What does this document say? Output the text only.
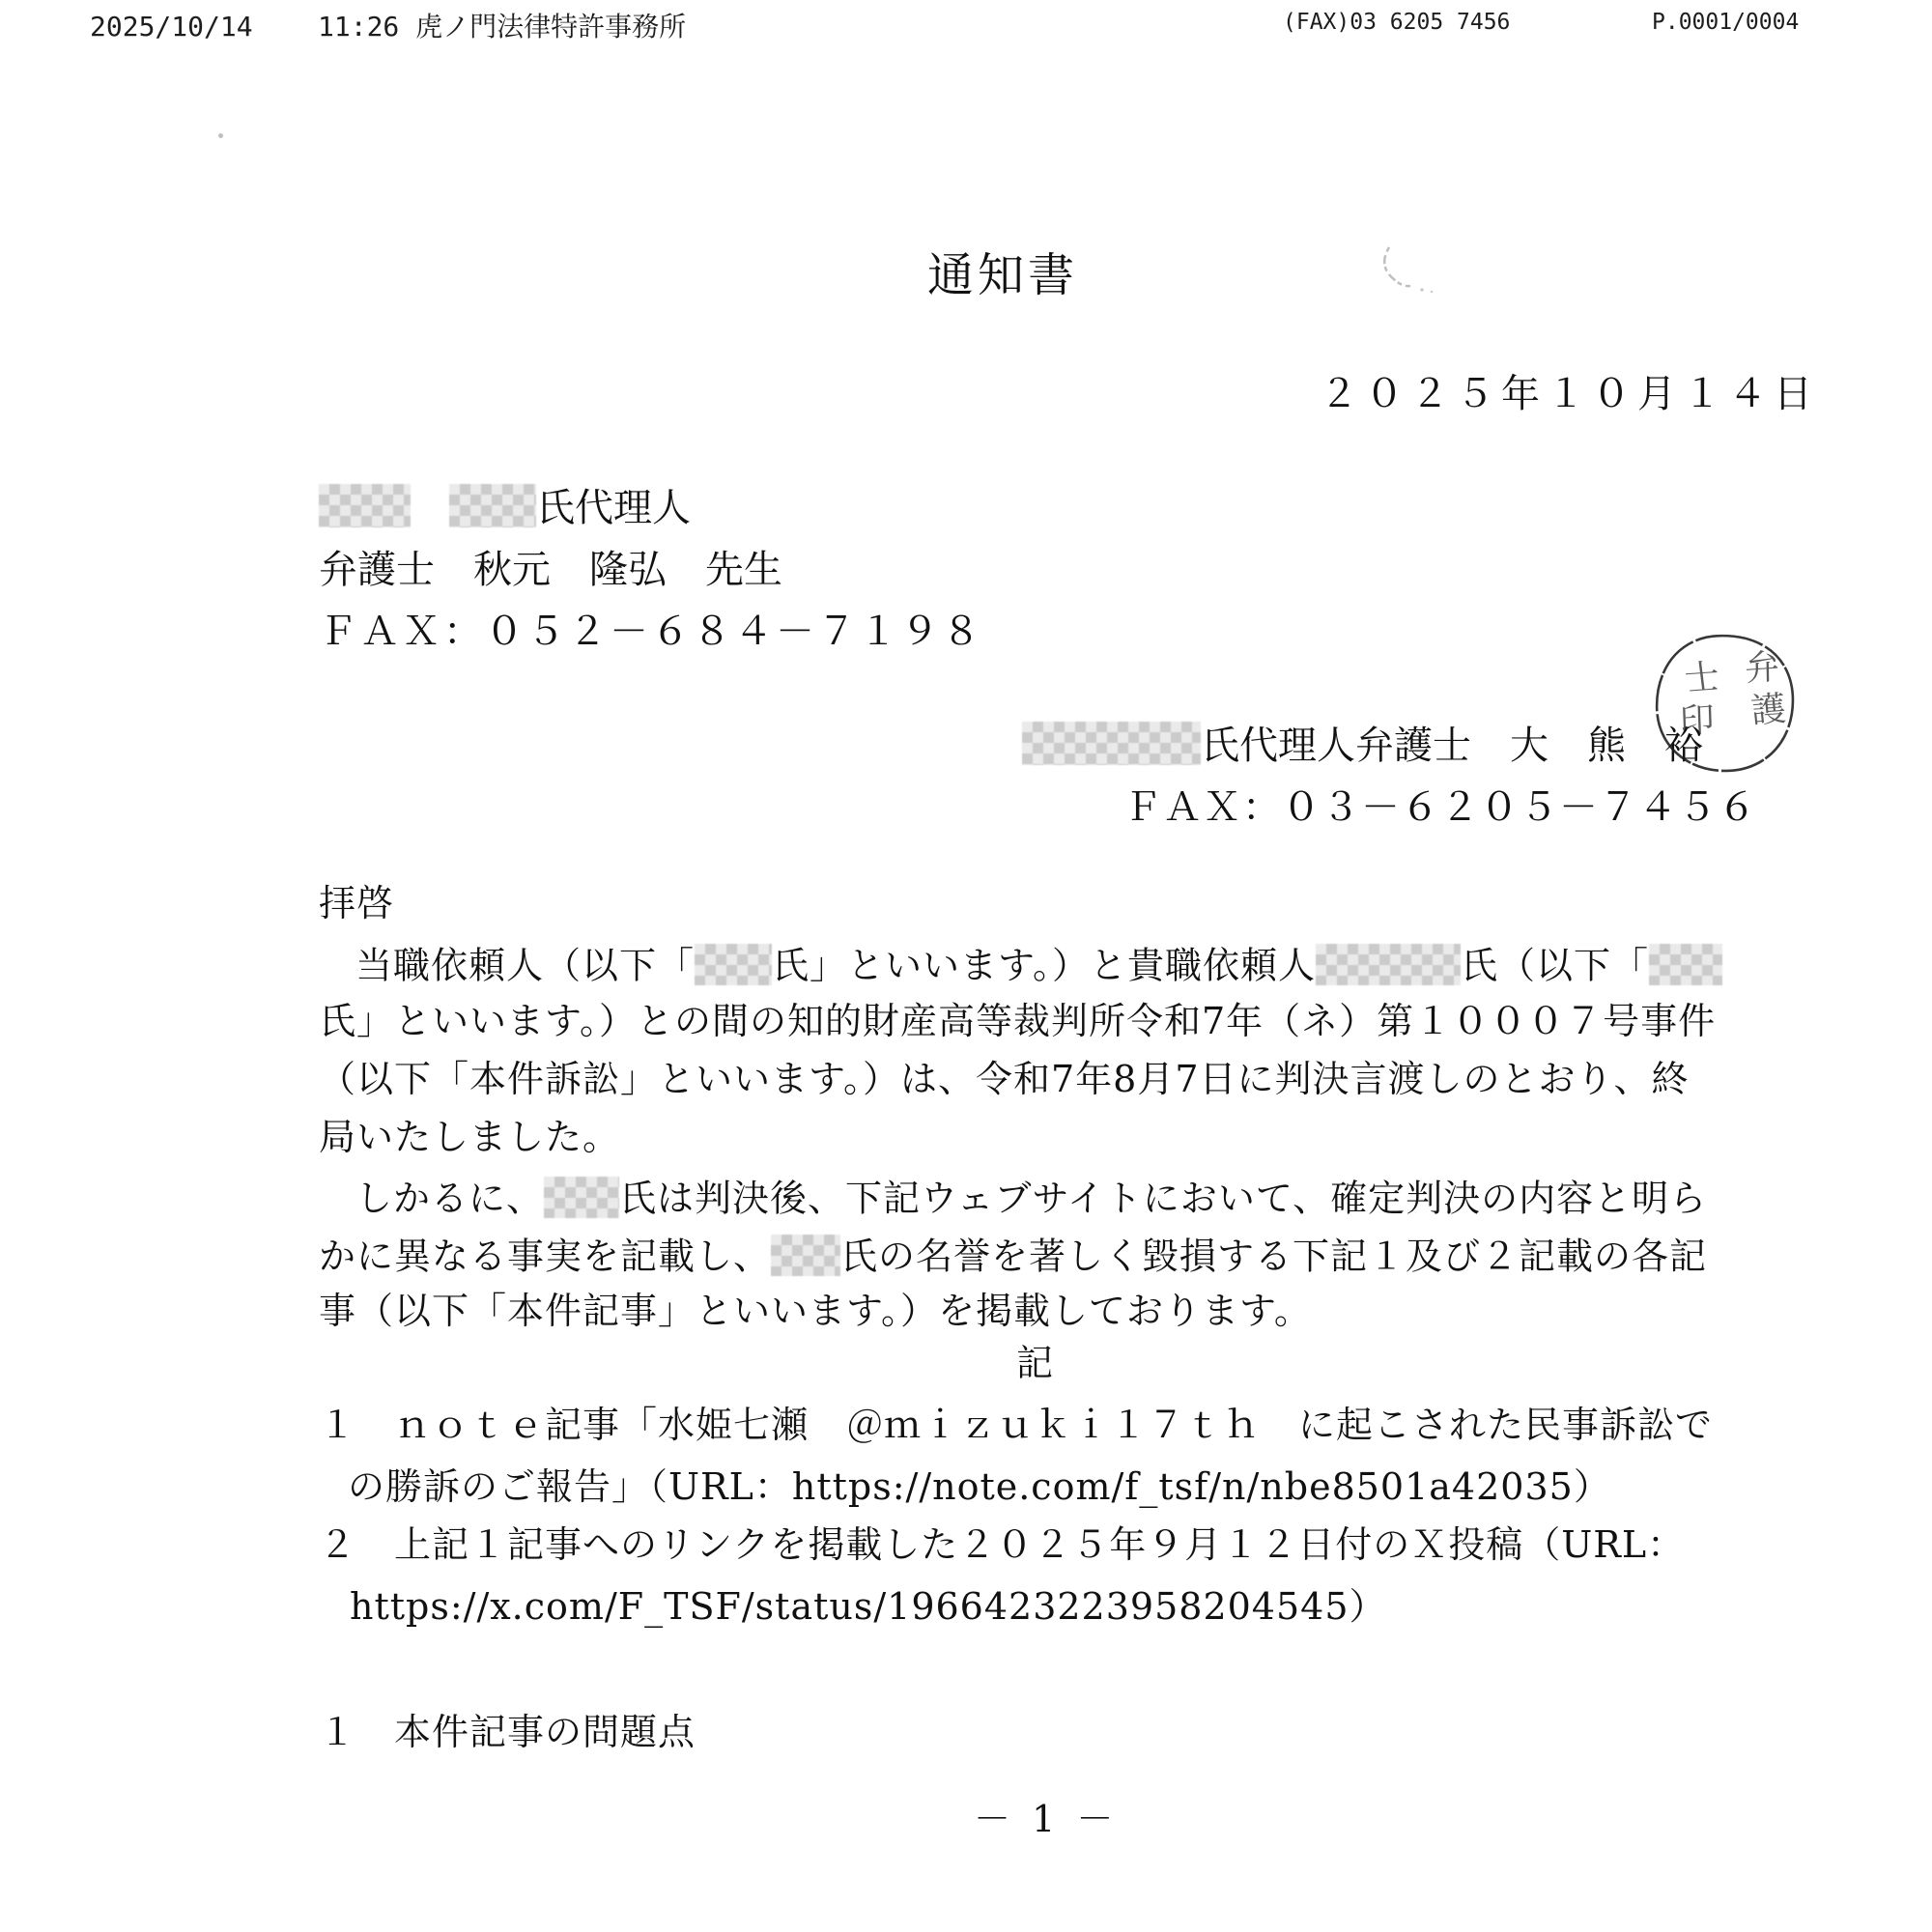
2025/10/14    11:26 虎ノ門法律特許事務所	(FAX)03 6205 7456	P.0001/0004
通知書
２０２５年１０月１４日
　氏代理人
弁護士　秋元　隆弘　先生
ＦＡＸ：０５２－６８４－７１９８
氏代理人弁護士　大　熊　裕
ＦＡＸ：０３－６２０５－７４５６
弁
護
士
印
拝啓
当職依頼人（以下「 氏」といいます。）と貴職依頼人	氏（以下「
氏」といいます。）との間の知的財産高等裁判所令和7年（ネ）第１０００７号事件
（以下「本件訴訟」といいます。）は、令和7年8月7日に判決言渡しのとおり、終
局いたしました。
しかるに、 氏は判決後、下記ウェブサイトにおいて、確定判決の内容と明ら
かに異なる事実を記載し、 氏の名誉を著しく毀損する下記１及び２記載の各記
事（以下「本件記事」といいます。）を掲載しております。
記
１　ｎｏｔｅ記事「水姫七瀬　＠ｍｉｚｕｋｉ１７ｔｈ　に起こされた民事訴訟で
の勝訴のご報告」（URL：https://note.com/f_tsf/n/nbe8501a42035）
２　上記１記事へのリンクを掲載した２０２５年９月１２日付のＸ投稿（URL：
https://x.com/F_TSF/status/1966423223958204545）
１　本件記事の問題点
－ 1 －
